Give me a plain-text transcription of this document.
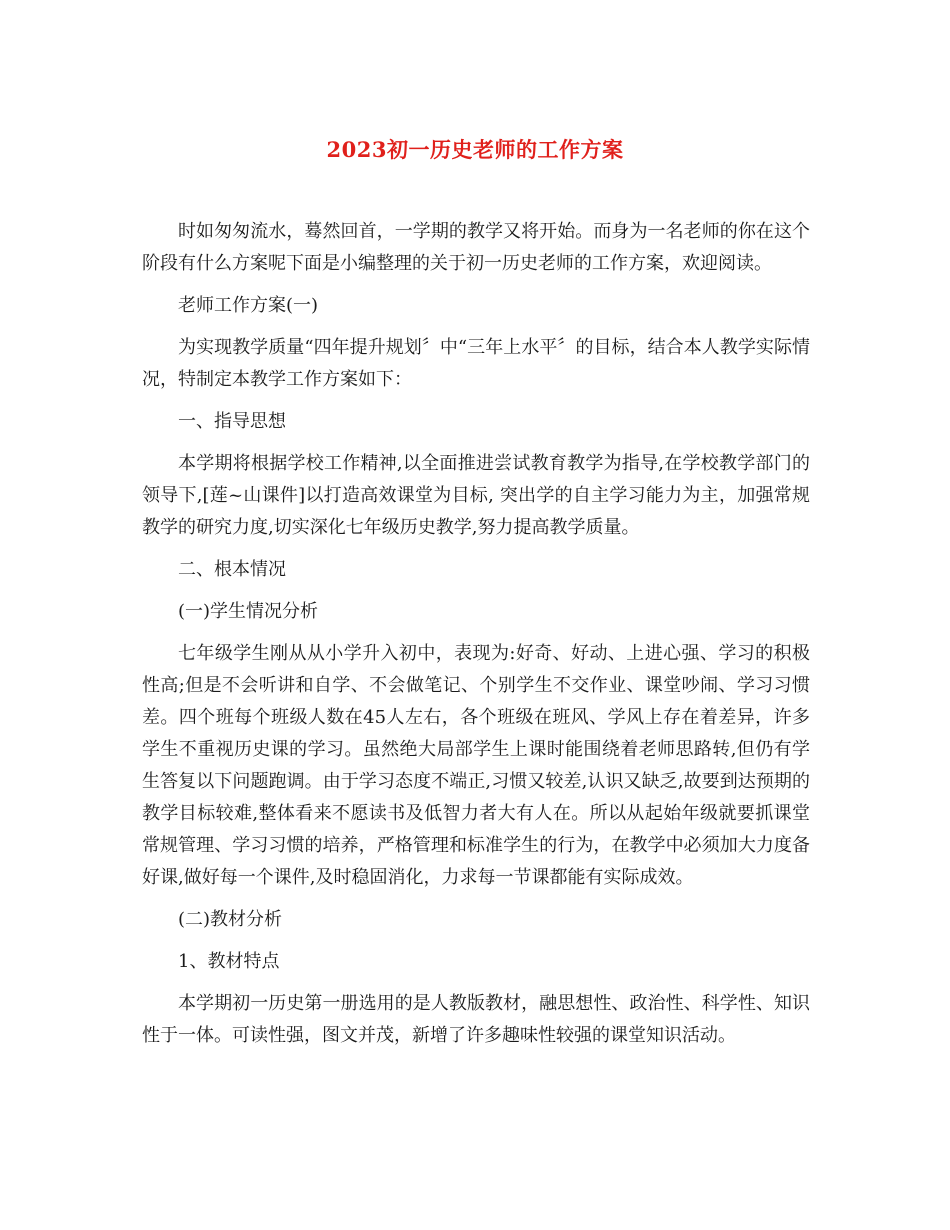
2023初一历史老师的工作方案

时如匆匆流水，蓦然回首，一学期的教学又将开始。而身为一名老师的你在这个阶段有什么方案呢下面是小编整理的关于初一历史老师的工作方案，欢迎阅读。

老师工作方案(一)

为实现教学质量“四年提升规划〞中“三年上水平〞的目标，结合本人教学实际情况，特制定本教学工作方案如下：

一、指导思想

本学期将根据学校工作精神,以全面推进尝试教育教学为指导,在学校教学部门的领导下,[莲~山课件]以打造高效课堂为目标, 突出学的自主学习能力为主，加强常规教学的研究力度,切实深化七年级历史教学,努力提高教学质量。

二、根本情况

(一)学生情况分析

七年级学生刚从从小学升入初中，表现为:好奇、好动、上进心强、学习的积极性高;但是不会听讲和自学、不会做笔记、个别学生不交作业、课堂吵闹、学习习惯差。四个班每个班级人数在45人左右，各个班级在班风、学风上存在着差异，许多学生不重视历史课的学习。虽然绝大局部学生上课时能围绕着老师思路转,但仍有学生答复以下问题跑调。由于学习态度不端正,习惯又较差,认识又缺乏,故要到达预期的教学目标较难,整体看来不愿读书及低智力者大有人在。所以从起始年级就要抓课堂常规管理、学习习惯的培养，严格管理和标准学生的行为，在教学中必须加大力度备好课,做好每一个课件,及时稳固消化，力求每一节课都能有实际成效。

(二)教材分析

1、教材特点

本学期初一历史第一册选用的是人教版教材，融思想性、政治性、科学性、知识性于一体。可读性强，图文并茂，新增了许多趣味性较强的课堂知识活动。
